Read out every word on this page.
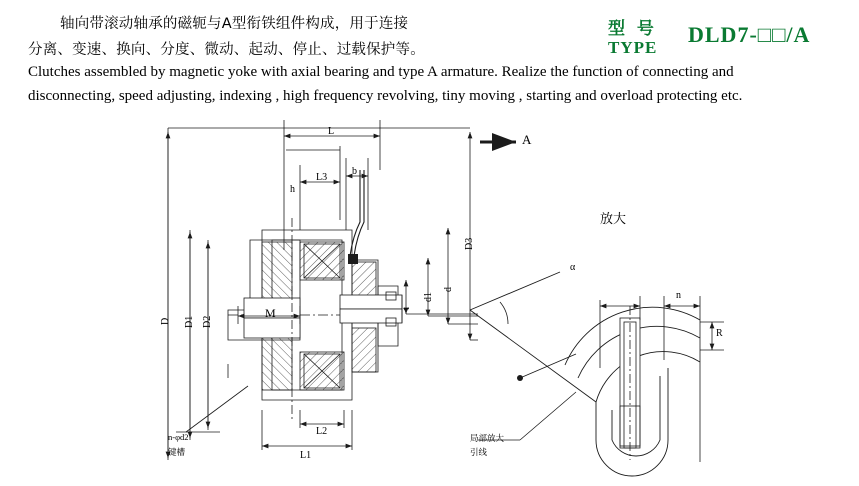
轴向带滚动轴承的磁轭与A型衔铁组件构成，用于连接
分离、变速、换向、分度、微动、起动、停止、过载保护等。
Clutches assembled by magnetic yoke with axial bearing and type A armature. Realize the function of connecting and
disconnecting, speed adjusting, indexing , high frequency revolving, tiny moving , starting and overload protecting etc.
型 号
TYPE
DLD7-□□/A
L
L3
b
h
D D1 D2
D3
d
d1
t
M
L1
L2
n-φd2
键槽
A
放大
α
n
R
局部放大
引线
